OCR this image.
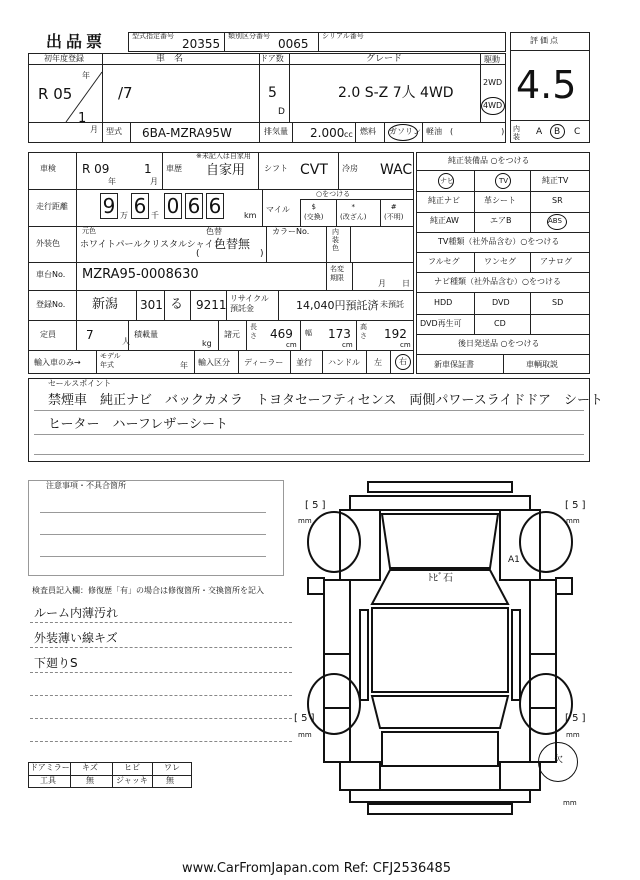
出品票	型式指定番号
20355
類別区分番号
0065
シリアル番号
初年度登録
年
R 05
1
月
車　名
/7
ドア数
5
D
グレード
2.0 S-Z 7人 4WD
駆動
2WD
4WD
型式 6BA-MZRA95W	排気量 2.000 cc 燃料 ガソリン 軽油 (　　　　　　)
評価点
4.5
内装	A B C
車検 R 09
年
1
月
※未記入は自家用
車歴 自家用 シフト CVT 冷房 WAC
走行距離 9 万 6 千 0 6 6	km
○をつける
マイル	$
(交換)
*
(改ざん)
#
(不明)
外装色
元色
ホワイトパールクリスタルシャイン
色替
色替無
(	)
カラーNo.	内装色
車台No. MZRA95-0008630	名変期限
月 日
登録No. 新潟 301 る 9211 リサイクル預託金	14,040円預託済 未預託
定員	7	人
積載量
kg
諸元
長さ 469
cm
幅 173
cm
高さ 192
cm
輸入車のみ→
モデル年式	年 輸入区分 ディーラー 並行 ハンドル 左 右
純正装備品 ○をつける
ナビ	TV	純正TV
純正ナビ	革シート	SR
純正AW	エアB	ABS
TV種類（社外品含む）○をつける
フルセグ	ワンセグ	アナログ
ナビ種類（社外品含む）○をつける
HDD	DVD	SD
DVD再生可	CD
後日発送品 ○をつける
新車保証書	車輌取説
セールスポイント
禁煙車　純正ナビ　バックカメラ　トヨタセーフティセンス　両側パワースライドドア　シート
ヒーター　ハーフレザーシート
注意事項・不具合箇所
検査員記入欄：修復歴「有」の場合は修復箇所・交換箇所を記入
ルーム内薄汚れ
外装薄い線キズ
下廻りS
ドアミラー キズ	ヒビ	ワレ
工具	無	ジャッキ 無
ﾄﾋﾞ石
A1
[ 5 ]
mm
[ 5 ]
mm
[ 5 ]
mm
[ 5 ]
mm
欠
mm
www.CarFromJapan.com Ref: CFJ2536485
